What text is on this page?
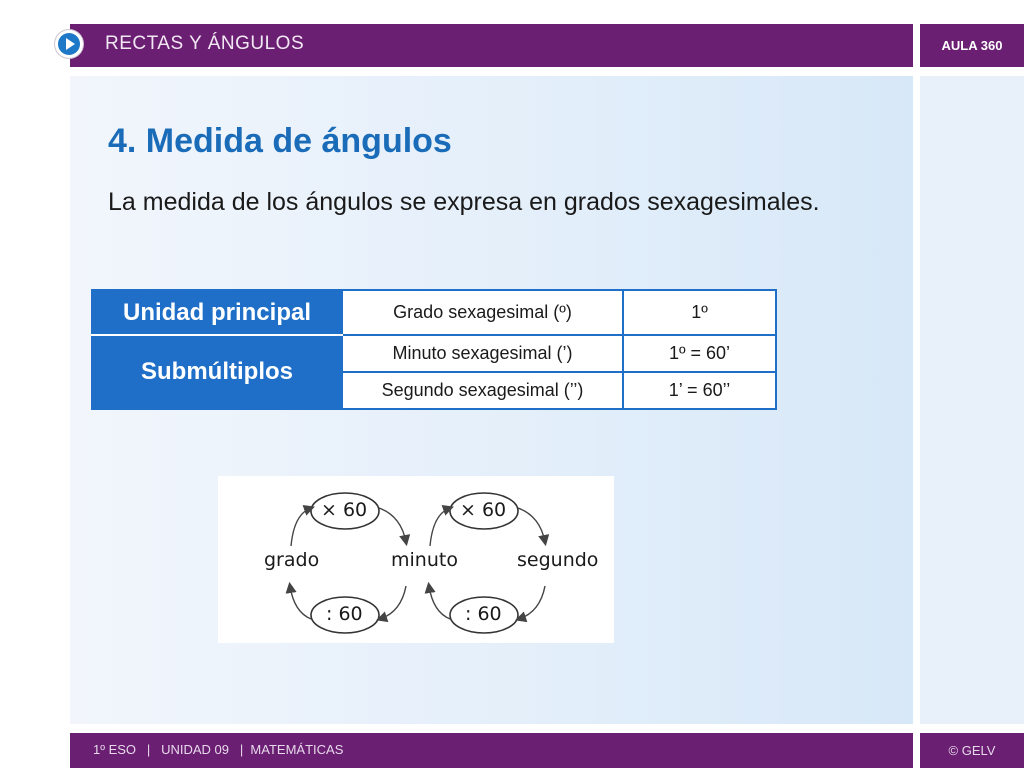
RECTAS Y ÁNGULOS	AULA 360
4. Medida de ángulos

La medida de los ángulos se expresa en grados sexagesimales.

Unidad principal	Grado sexagesimal (º)	1º
Submúltiplos	Minuto sexagesimal (’)	1º = 60’
	Segundo sexagesimal (’’)	1’ = 60’’
grado	minuto	segundo
× 60
: 60
× 60
: 60
1º ESO   |   UNIDAD 09   |  MATEMÁTICAS	© GELV
